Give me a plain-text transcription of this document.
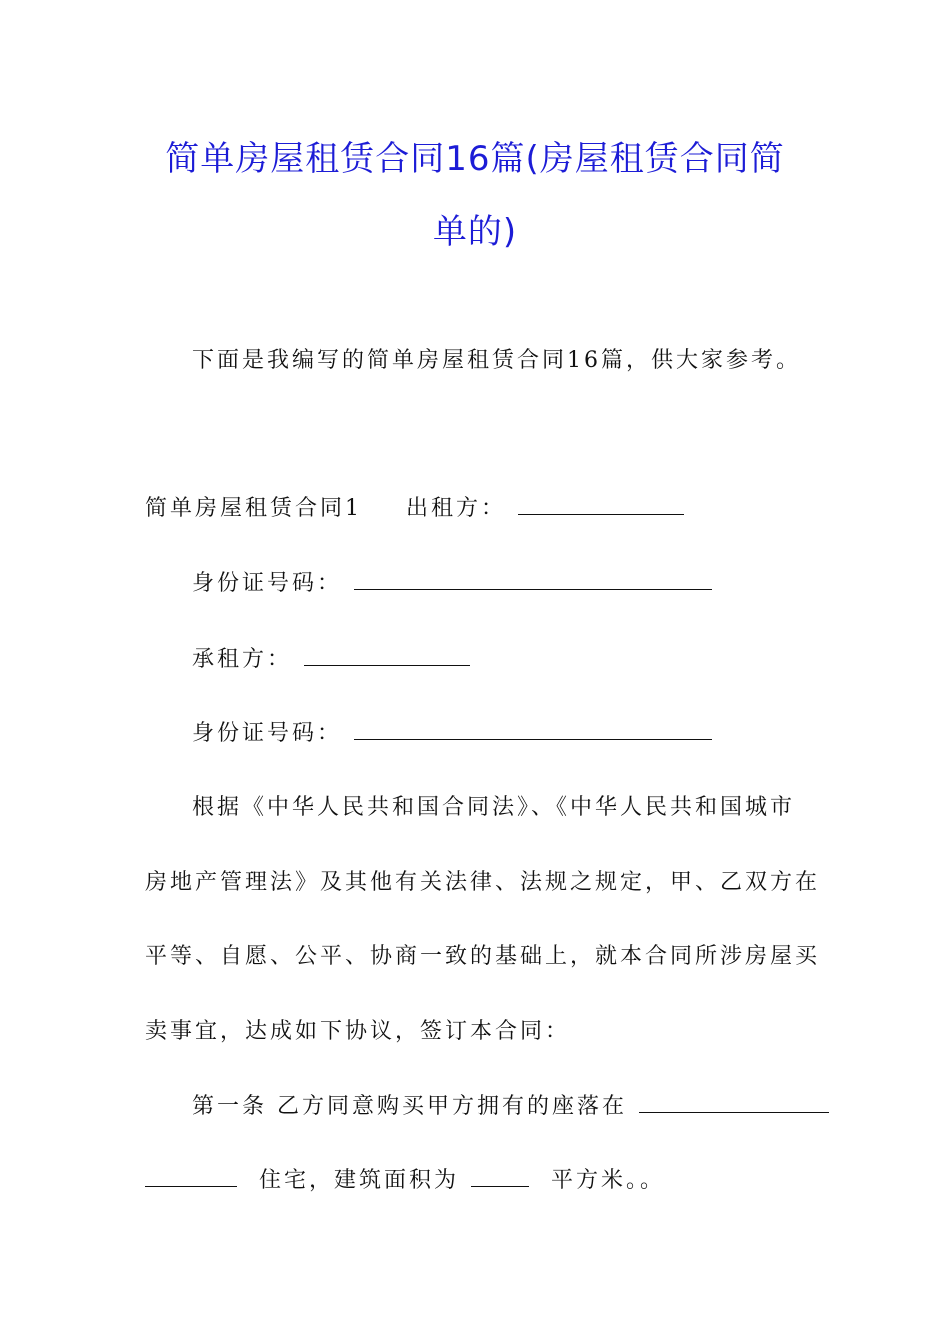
简单房屋租赁合同16篇(房屋租赁合同简
单的)
下面是我编写的简单房屋租赁合同16篇，供大家参考。
简单房屋租赁合同1 出租方：
身份证号码：
承租方：
身份证号码：
根据《中华人民共和国合同法》、《中华人民共和国城市
房地产管理法》及其他有关法律、法规之规定，甲、乙双方在
平等、自愿、公平、协商一致的基础上，就本合同所涉房屋买
卖事宜，达成如下协议，签订本合同：
第一条 乙方同意购买甲方拥有的座落在
住宅，建筑面积为	平方米。。
